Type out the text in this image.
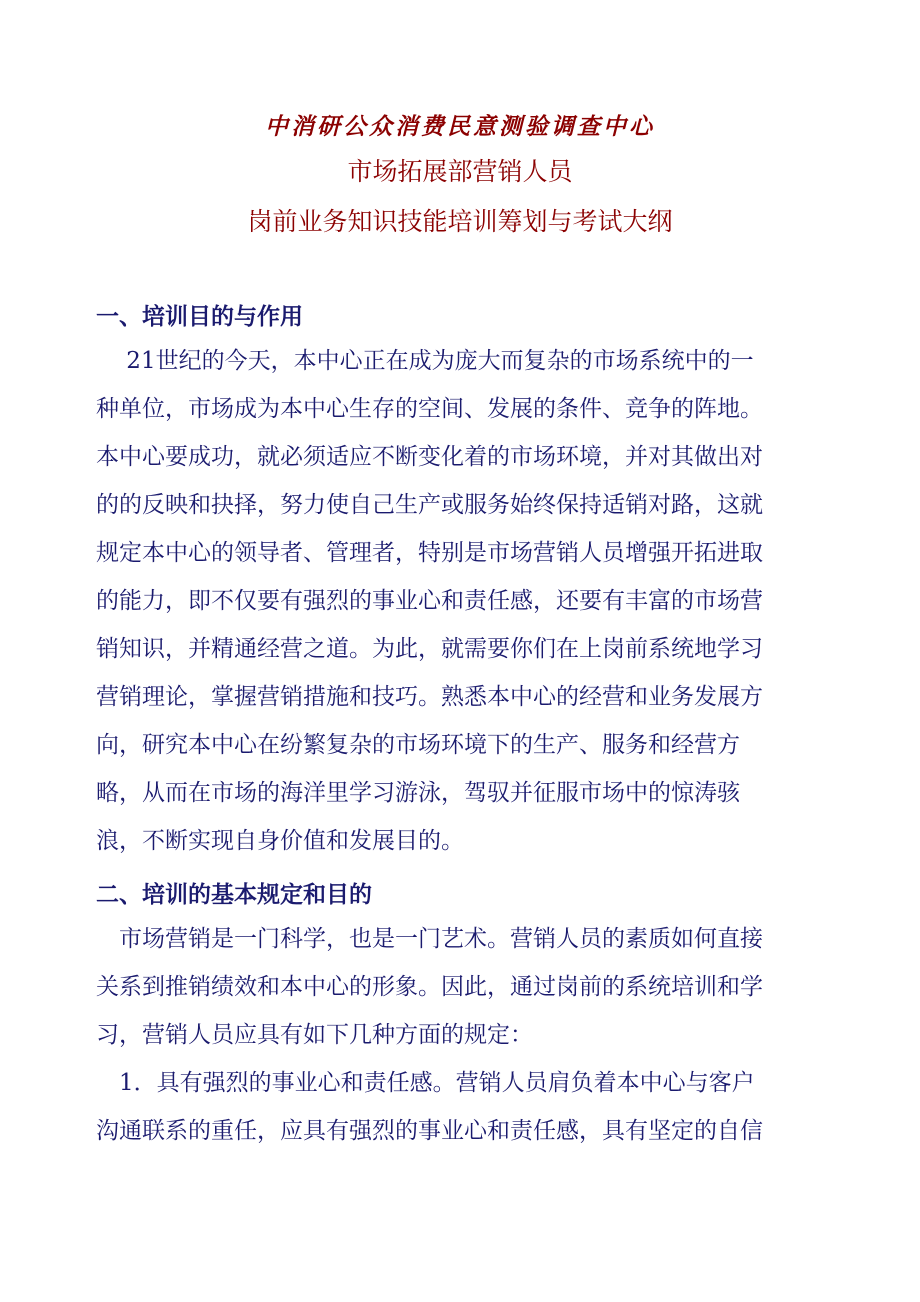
中消研公众消费民意测验调查中心
市场拓展部营销人员
岗前业务知识技能培训筹划与考试大纲
一、培训目的与作用
　 21世纪的今天，本中心正在成为庞大而复杂的市场系统中的一
种单位，市场成为本中心生存的空间、发展的条件、竞争的阵地。
本中心要成功，就必须适应不断变化着的市场环境，并对其做出对
的的反映和抉择，努力使自己生产或服务始终保持适销对路，这就
规定本中心的领导者、管理者，特别是市场营销人员增强开拓进取
的能力，即不仅要有强烈的事业心和责任感，还要有丰富的市场营
销知识，并精通经营之道。为此，就需要你们在上岗前系统地学习
营销理论，掌握营销措施和技巧。熟悉本中心的经营和业务发展方
向，研究本中心在纷繁复杂的市场环境下的生产、服务和经营方
略，从而在市场的海洋里学习游泳，驾驭并征服市场中的惊涛骇
浪，不断实现自身价值和发展目的。
二、培训的基本规定和目的
　市场营销是一门科学，也是一门艺术。营销人员的素质如何直接
关系到推销绩效和本中心的形象。因此，通过岗前的系统培训和学
习，营销人员应具有如下几种方面的规定：
　1．具有强烈的事业心和责任感。营销人员肩负着本中心与客户
沟通联系的重任，应具有强烈的事业心和责任感，具有坚定的自信
